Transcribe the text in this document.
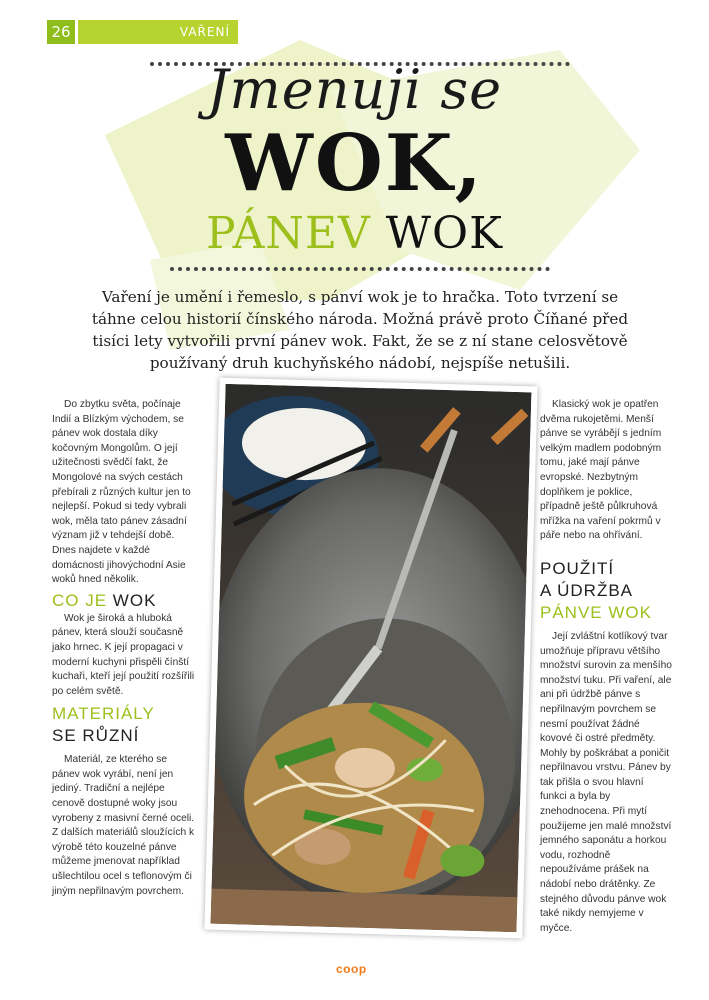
26	VAŘENÍ
Jmenuji se
WOK,
PÁNEV WOK
Vaření je umění i řemeslo, s pánví wok je to hračka. Toto tvrzení se táhne celou historií čínského národa. Možná právě proto Číňané před tisíci lety vytvořili první pánev wok. Fakt, že se z ní stane celosvětově používaný druh kuchyňského nádobí, nejspíše netušili.

Do zbytku světa, počínaje Indií a Blízkým východem, se pánev wok dostala díky kočovným Mongolům. O její užitečnosti svědčí fakt, že Mongolové na svých cestách přebírali z různých kultur jen to nejlepší. Pokud si tedy vybrali wok, měla tato pánev zásadní význam již v tehdejší době. Dnes najdete v každé domácnosti jihovýchodní Asie woků hned několik.

CO JE WOK

Wok je široká a hluboká pánev, která slouží současně jako hrnec. K její propagaci v moderní kuchyni přispěli čínští kuchaři, kteří její použití rozšířili po celém světě.

MATERIÁLY
SE RŮZNÍ

Materiál, ze kterého se pánev wok vyrábí, není jen jediný. Tradiční a nejlépe cenově dostupné woky jsou vyrobeny z masivní černé oceli. Z dalších materiálů sloužících k výrobě této kouzelné pánve můžeme jmenovat například ušlechtilou ocel s teflonovým či jiným nepřilnavým povrchem.

Klasický wok je opatřen dvěma rukojetěmi. Menší pánve se vyrábějí s jedním velkým madlem podobným tomu, jaké mají pánve evropské. Nezbytným doplňkem je poklice, případně ještě půlkruhová mřížka na vaření pokrmů v páře nebo na ohřívání.

POUŽITÍ
A ÚDRŽBA
PÁNVE WOK

Její zvláštní kotlíkový tvar umožňuje přípravu většího množství surovin za menšího množství tuku. Při vaření, ale ani při údržbě pánve s nepřilnavým povrchem se nesmí používat žádné kovové či ostré předměty. Mohly by poškrábat a poničit nepřilnavou vrstvu. Pánev by tak přišla o svou hlavní funkci a byla by znehodnocena. Při mytí použijeme jen malé množství jemného saponátu a horkou vodu, rozhodně nepoužíváme prášek na nádobí nebo drátěnky. Ze stejného důvodu pánve wok také nikdy nemyjeme v myčce.

coop
